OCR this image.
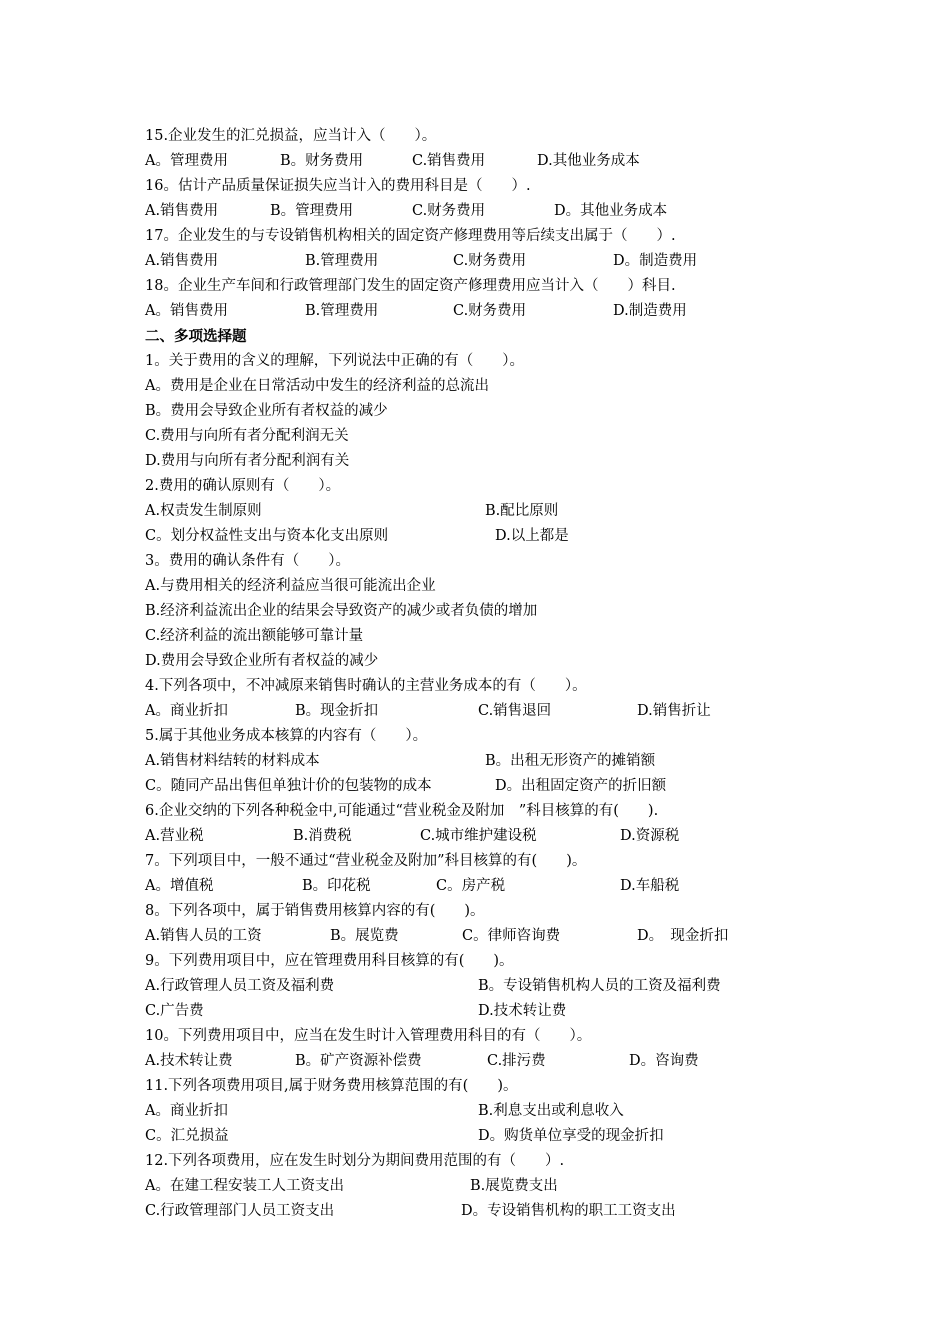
15.企业发生的汇兑损益，应当计入（　　）。
A。管理费用	B。财务费用	C.销售费用	D.其他业务成本
16。估计产品质量保证损失应当计入的费用科目是（　　）.
A.销售费用	B。管理费用	C.财务费用	D。其他业务成本
17。企业发生的与专设销售机构相关的固定资产修理费用等后续支出属于（　　）.
A.销售费用	B.管理费用	C.财务费用	D。制造费用
18。企业生产车间和行政管理部门发生的固定资产修理费用应当计入（　　）科目.
A。销售费用	B.管理费用	C.财务费用	D.制造费用
二、多项选择题
1。关于费用的含义的理解，下列说法中正确的有（　　）。
A。费用是企业在日常活动中发生的经济利益的总流出
B。费用会导致企业所有者权益的减少
C.费用与向所有者分配利润无关
D.费用与向所有者分配利润有关
2.费用的确认原则有（　　）。
A.权责发生制原则	B.配比原则
C。划分权益性支出与资本化支出原则	D.以上都是
3。费用的确认条件有（　　）。
A.与费用相关的经济利益应当很可能流出企业
B.经济利益流出企业的结果会导致资产的减少或者负债的增加
C.经济利益的流出额能够可靠计量
D.费用会导致企业所有者权益的减少
4.下列各项中，不冲减原来销售时确认的主营业务成本的有（　　）。
A。商业折扣	B。现金折扣	C.销售退回	D.销售折让
5.属于其他业务成本核算的内容有（　　）。
A.销售材料结转的材料成本	B。出租无形资产的摊销额
C。随同产品出售但单独计价的包装物的成本	D。出租固定资产的折旧额
6.企业交纳的下列各种税金中,可能通过“营业税金及附加　”科目核算的有(　　).
A.营业税	B.消费税	C.城市维护建设税	D.资源税
7。下列项目中，一般不通过“营业税金及附加”科目核算的有(　　)。
A。增值税	B。印花税	C。房产税	D.车船税
8。下列各项中，属于销售费用核算内容的有(　　)。
A.销售人员的工资	B。展览费	C。律师咨询费	D。　现金折扣
9。下列费用项目中，应在管理费用科目核算的有(　　)。
A.行政管理人员工资及福利费	B。专设销售机构人员的工资及福利费
C.广告费	D.技术转让费
10。下列费用项目中，应当在发生时计入管理费用科目的有（　　）。
A.技术转让费	B。矿产资源补偿费	C.排污费	D。咨询费
11.下列各项费用项目,属于财务费用核算范围的有(　　)。
A。商业折扣	B.利息支出或利息收入
C。汇兑损益	D。购货单位享受的现金折扣
12.下列各项费用，应在发生时划分为期间费用范围的有（　　）.
A。在建工程安装工人工资支出	B.展览费支出
C.行政管理部门人员工资支出	D。专设销售机构的职工工资支出
